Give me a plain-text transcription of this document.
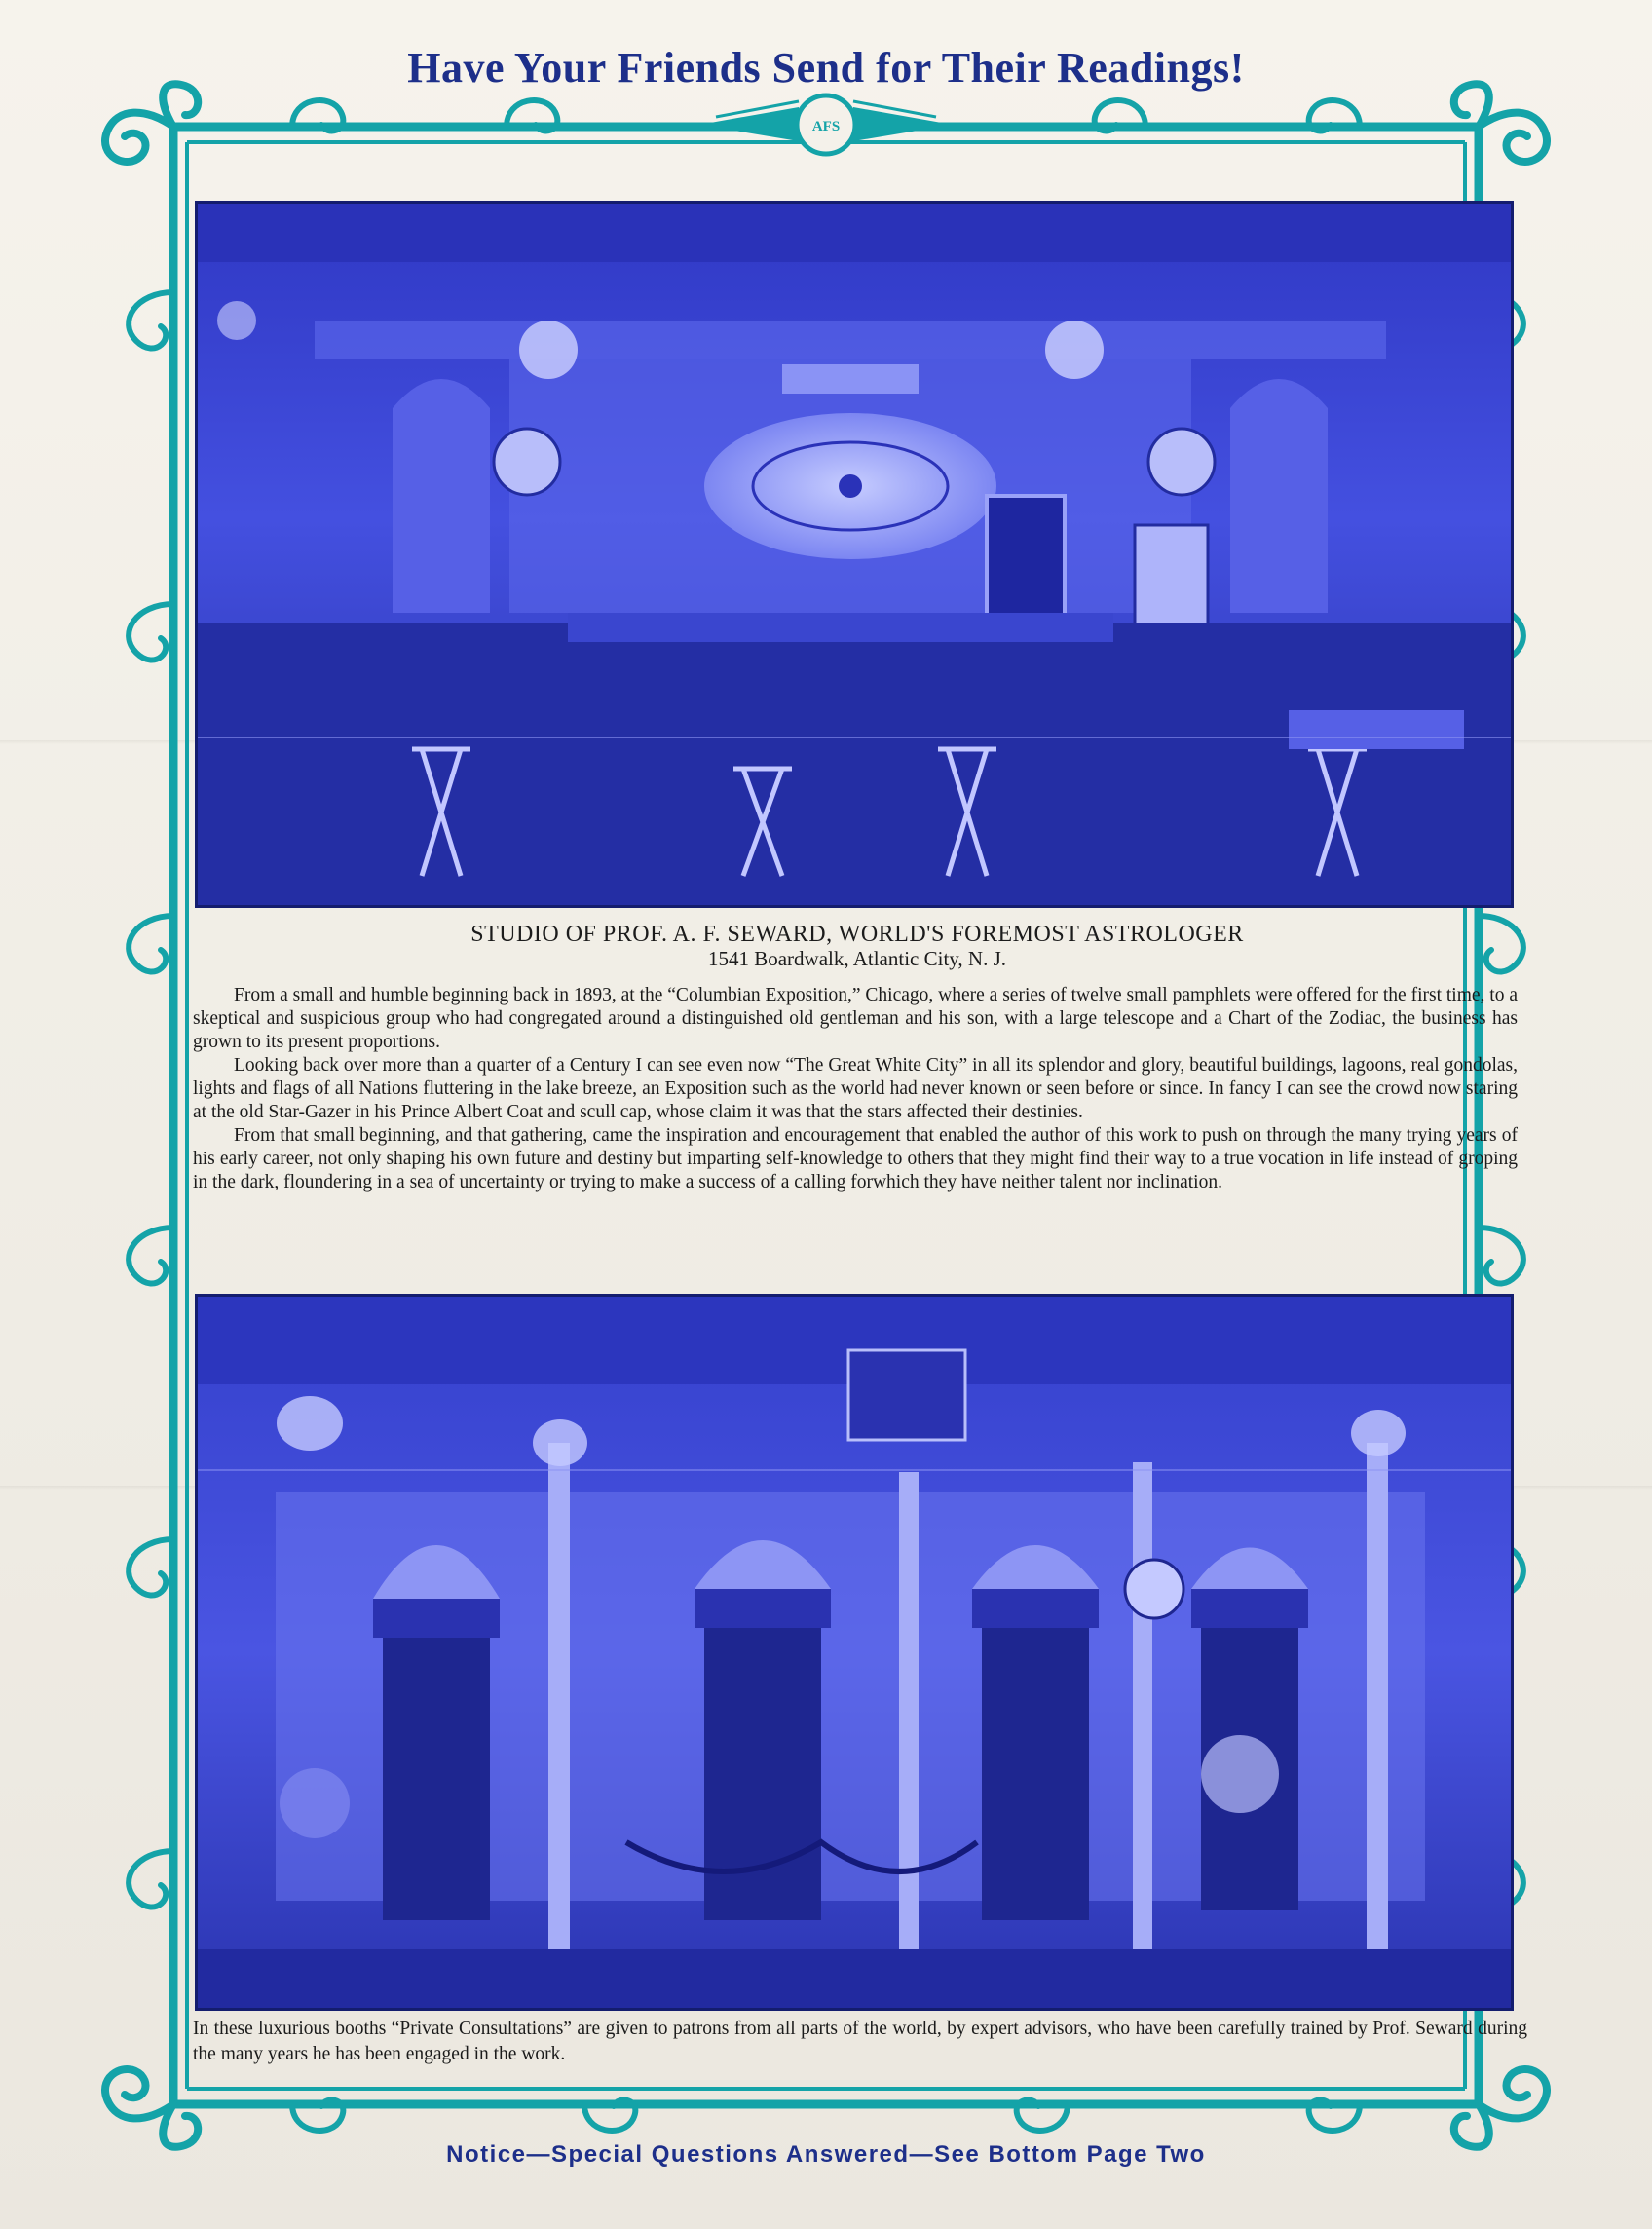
AFS
Have Your Friends Send for Their Readings!
STUDIO OF PROF. A. F. SEWARD, WORLD'S FOREMOST ASTROLOGER
1541 Boardwalk, Atlantic City, N. J.

From a small and humble beginning back in 1893, at the “Columbian Exposition,” Chicago, where a series of twelve small pamphlets were offered for the first time, to a skeptical and suspicious group who had congregated around a distinguished old gentleman and his son, with a large telescope and a Chart of the Zodiac, the business has grown to its present proportions.

Looking back over more than a quarter of a Century I can see even now “The Great White City” in all its splendor and glory, beautiful buildings, lagoons, real gondolas, lights and flags of all Nations fluttering in the lake breeze, an Exposition such as the world had never known or seen before or since. In fancy I can see the crowd now staring at the old Star-Gazer in his Prince Albert Coat and scull cap, whose claim it was that the stars affected their destinies.

From that small beginning, and that gathering, came the inspiration and encouragement that enabled the author of this work to push on through the many trying years of his early career, not only shaping his own future and destiny but imparting self-knowledge to others that they might find their way to a true vocation in life instead of groping in the dark, floundering in a sea of uncertainty or trying to make a success of a calling forwhich they have neither talent nor inclination.

In these luxurious booths “Private Consultations” are given to patrons from all parts of the world, by expert advisors, who have been carefully trained by Prof. Seward during the many years he has been engaged in the work.
Notice—Special Questions Answered—See Bottom Page Two
